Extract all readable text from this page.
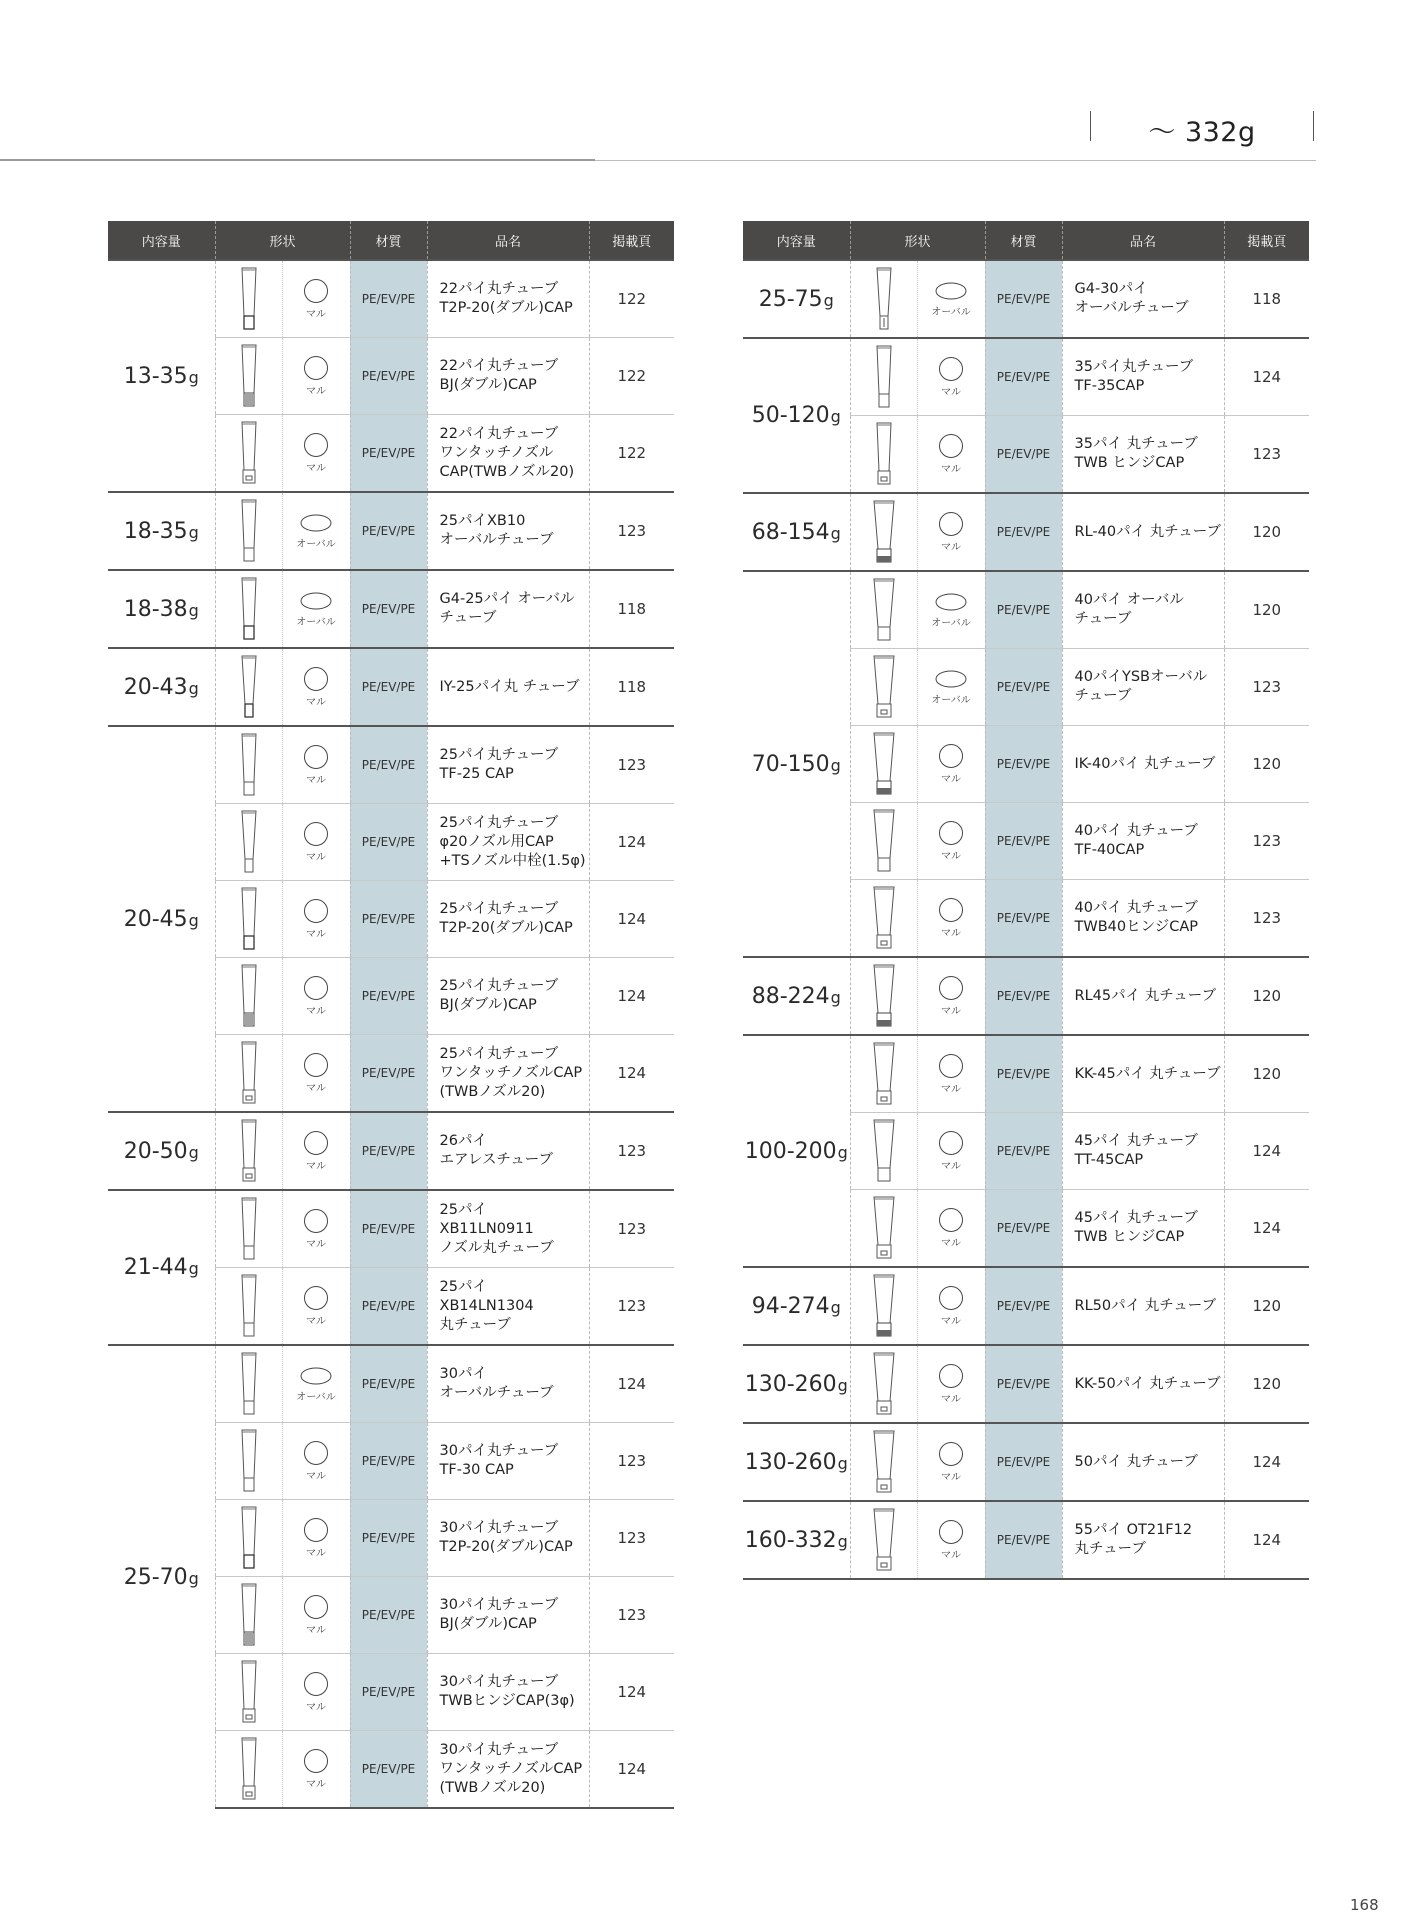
～ 332g
内容量	形状		材質	品名	掲載頁
13-35g		マル	PE/EV/PE	22パイ丸チューブ
T2P-20(ダブル)CAP	122

マル	PE/EV/PE	22パイ丸チューブ
BJ(ダブル)CAP	122

マル	PE/EV/PE	22パイ丸チューブ
ワンタッチノズル
CAP(TWBノズル20)	122
18-35g		オーバル	PE/EV/PE	25パイXB10
オーバルチューブ	123
18-38g		オーバル	PE/EV/PE	G4-25パイ オーバル
チューブ	118
20-43g		マル	PE/EV/PE	IY-25パイ丸 チューブ	118
20-45g		マル	PE/EV/PE	25パイ丸チューブ
TF-25 CAP	123

マル	PE/EV/PE	25パイ丸チューブ
φ20ノズル用CAP
+TSノズル中栓(1.5φ)	124

マル	PE/EV/PE	25パイ丸チューブ
T2P-20(ダブル)CAP	124

マル	PE/EV/PE	25パイ丸チューブ
BJ(ダブル)CAP	124

マル	PE/EV/PE	25パイ丸チューブ
ワンタッチノズルCAP
(TWBノズル20)	124
20-50g		マル	PE/EV/PE	26パイ
エアレスチューブ	123
21-44g		マル	PE/EV/PE	25パイ
XB11LN0911
ノズル丸チューブ	123

マル	PE/EV/PE	25パイ
XB14LN1304
丸チューブ	123
25-70g		オーバル	PE/EV/PE	30パイ
オーバルチューブ	124

マル	PE/EV/PE	30パイ丸チューブ
TF-30 CAP	123

マル	PE/EV/PE	30パイ丸チューブ
T2P-20(ダブル)CAP	123

マル	PE/EV/PE	30パイ丸チューブ
BJ(ダブル)CAP	123

マル	PE/EV/PE	30パイ丸チューブ
TWBヒンジCAP(3φ)	124

マル	PE/EV/PE	30パイ丸チューブ
ワンタッチノズルCAP
(TWBノズル20)	124
内容量	形状		材質	品名	掲載頁
25-75g		オーバル	PE/EV/PE	G4-30パイ
オーバルチューブ	118
50-120g		マル	PE/EV/PE	35パイ丸チューブ
TF-35CAP	124

マル	PE/EV/PE	35パイ 丸チューブ
TWB ヒンジCAP	123
68-154g		マル	PE/EV/PE	RL-40パイ 丸チューブ	120
70-150g		オーバル	PE/EV/PE	40パイ オーバル
チューブ	120

オーバル	PE/EV/PE	40パイYSBオーバル
チューブ	123

マル	PE/EV/PE	IK-40パイ 丸チューブ	120

マル	PE/EV/PE	40パイ 丸チューブ
TF-40CAP	123

マル	PE/EV/PE	40パイ 丸チューブ
TWB40ヒンジCAP	123
88-224g		マル	PE/EV/PE	RL45パイ 丸チューブ	120
100-200g		マル	PE/EV/PE	KK-45パイ 丸チューブ	120

マル	PE/EV/PE	45パイ 丸チューブ
TT-45CAP	124

マル	PE/EV/PE	45パイ 丸チューブ
TWB ヒンジCAP	124
94-274g		マル	PE/EV/PE	RL50パイ 丸チューブ	120
130-260g		マル	PE/EV/PE	KK-50パイ 丸チューブ	120
130-260g		マル	PE/EV/PE	50パイ 丸チューブ	124
160-332g		マル	PE/EV/PE	55パイ OT21F12
丸チューブ	124
168
